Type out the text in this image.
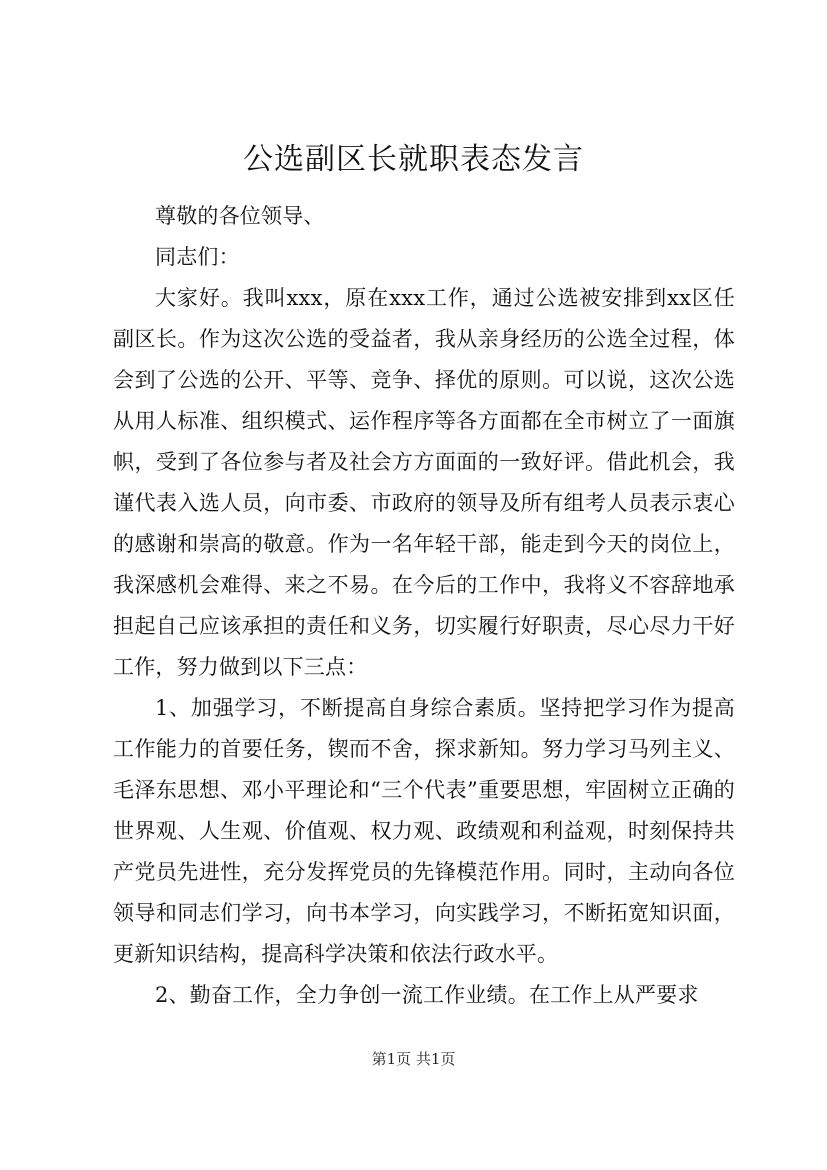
公选副区长就职表态发言

尊敬的各位领导、

同志们：

大家好。我叫xxx，原在xxx工作，通过公选被安排到xx区任副区长。作为这次公选的受益者，我从亲身经历的公选全过程，体会到了公选的公开、平等、竞争、择优的原则。可以说，这次公选从用人标准、组织模式、运作程序等各方面都在全市树立了一面旗帜，受到了各位参与者及社会方方面面的一致好评。借此机会，我谨代表入选人员，向市委、市政府的领导及所有组考人员表示衷心的感谢和崇高的敬意。作为一名年轻干部，能走到今天的岗位上，我深感机会难得、来之不易。在今后的工作中，我将义不容辞地承担起自己应该承担的责任和义务，切实履行好职责，尽心尽力干好工作，努力做到以下三点：

1、加强学习，不断提高自身综合素质。坚持把学习作为提高工作能力的首要任务，锲而不舍，探求新知。努力学习马列主义、毛泽东思想、邓小平理论和“三个代表”重要思想，牢固树立正确的世界观、人生观、价值观、权力观、政绩观和利益观，时刻保持共产党员先进性，充分发挥党员的先锋模范作用。同时，主动向各位领导和同志们学习，向书本学习，向实践学习，不断拓宽知识面，更新知识结构，提高科学决策和依法行政水平。

2、勤奋工作，全力争创一流工作业绩。在工作上从严要求

第1页 共1页
